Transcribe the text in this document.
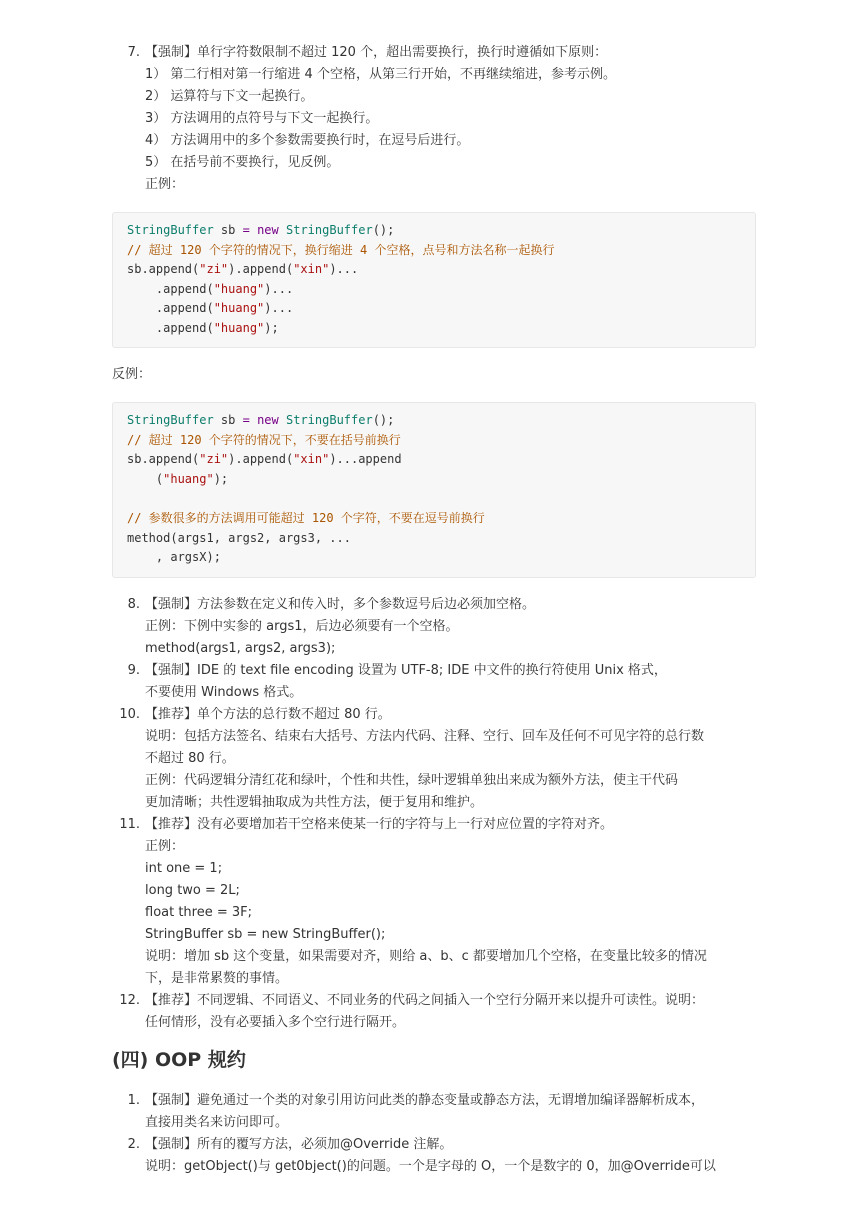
7. 【强制】单行字符数限制不超过 120 个，超出需要换行，换行时遵循如下原则：
1） 第二行相对第一行缩进 4 个空格，从第三行开始，不再继续缩进，参考示例。
2） 运算符与下文一起换行。
3） 方法调用的点符号与下文一起换行。
4） 方法调用中的多个参数需要换行时，在逗号后进行。
5） 在括号前不要换行，见反例。
正例：
StringBuffer sb = new StringBuffer();
// 超过 120 个字符的情况下，换行缩进 4 个空格，点号和方法名称一起换行
sb.append("zi").append("xin")...
.append("huang")...
.append("huang")...
.append("huang");
反例：
StringBuffer sb = new StringBuffer();
// 超过 120 个字符的情况下，不要在括号前换行
sb.append("zi").append("xin")...append
("huang");

// 参数很多的方法调用可能超过 120 个字符，不要在逗号前换行
method(args1, args2, args3, ...
, argsX);
8. 【强制】方法参数在定义和传入时，多个参数逗号后边必须加空格。
正例：下例中实参的 args1，后边必须要有一个空格。
method(args1, args2, args3);
9. 【强制】IDE 的 text file encoding 设置为 UTF-8; IDE 中文件的换行符使用 Unix 格式，
不要使用 Windows 格式。
10. 【推荐】单个方法的总行数不超过 80 行。
说明：包括方法签名、结束右大括号、方法内代码、注释、空行、回车及任何不可见字符的总行数
不超过 80 行。
正例：代码逻辑分清红花和绿叶，个性和共性，绿叶逻辑单独出来成为额外方法，使主干代码
更加清晰；共性逻辑抽取成为共性方法，便于复用和维护。
11. 【推荐】没有必要增加若干空格来使某一行的字符与上一行对应位置的字符对齐。
正例：
int one = 1;
long two = 2L;
float three = 3F;
StringBuffer sb = new StringBuffer();
说明：增加 sb 这个变量，如果需要对齐，则给 a、b、c 都要增加几个空格，在变量比较多的情况
下，是非常累赘的事情。
12. 【推荐】不同逻辑、不同语义、不同业务的代码之间插入一个空行分隔开来以提升可读性。说明：
任何情形，没有必要插入多个空行进行隔开。
(四) OOP 规约
1. 【强制】避免通过一个类的对象引用访问此类的静态变量或静态方法，无谓增加编译器解析成本，
直接用类名来访问即可。
2. 【强制】所有的覆写方法，必须加@Override 注解。
说明：getObject()与 get0bject()的问题。一个是字母的 O，一个是数字的 0，加@Override可以
